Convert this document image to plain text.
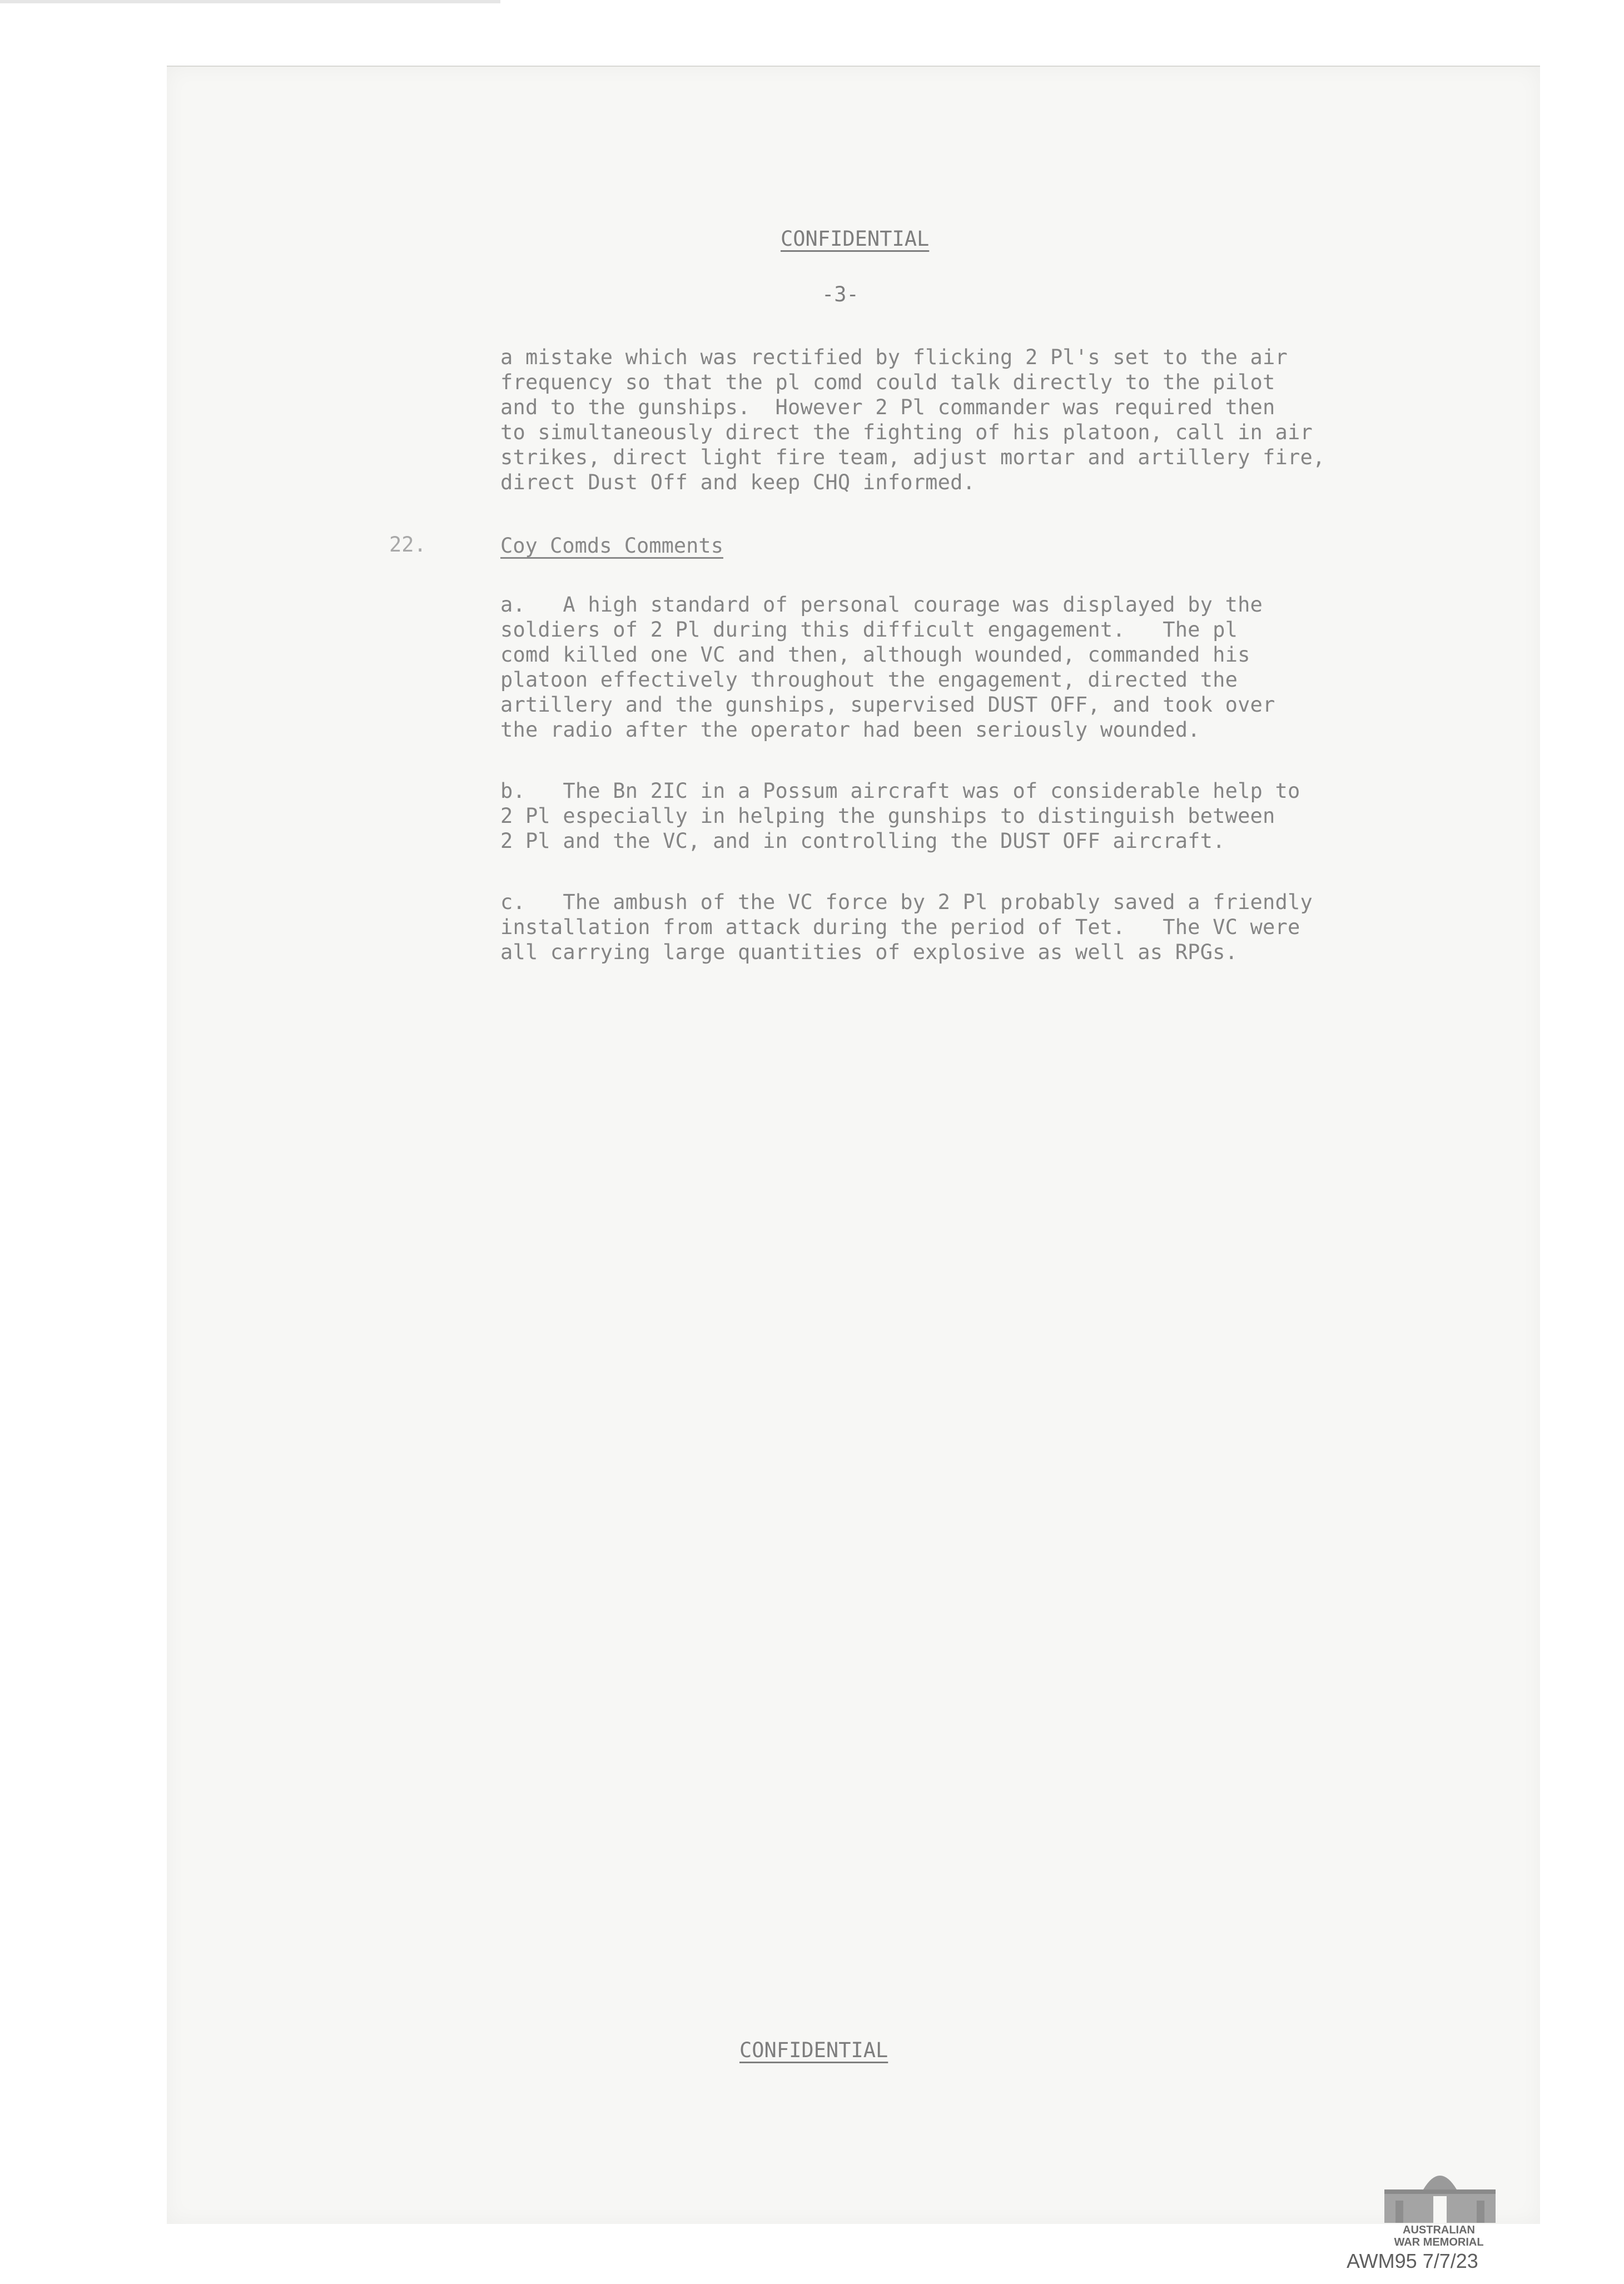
CONFIDENTIAL
-3-
a mistake which was rectified by flicking 2 Pl's set to the air
frequency so that the pl comd could talk directly to the pilot
and to the gunships.  However 2 Pl commander was required then
to simultaneously direct the fighting of his platoon, call in air
strikes, direct light fire team, adjust mortar and artillery fire,
direct Dust Off and keep CHQ informed.
22.	Coy Comds Comments
a.   A high standard of personal courage was displayed by the
soldiers of 2 Pl during this difficult engagement.   The pl
comd killed one VC and then, although wounded, commanded his
platoon effectively throughout the engagement, directed the
artillery and the gunships, supervised DUST OFF, and took over
the radio after the operator had been seriously wounded.
b.   The Bn 2IC in a Possum aircraft was of considerable help to
2 Pl especially in helping the gunships to distinguish between
2 Pl and the VC, and in controlling the DUST OFF aircraft.
c.   The ambush of the VC force by 2 Pl probably saved a friendly
installation from attack during the period of Tet.   The VC were
all carrying large quantities of explosive as well as RPGs.
CONFIDENTIAL
AUSTRALIAN
WAR MEMORIAL
AWM95 7/7/23
